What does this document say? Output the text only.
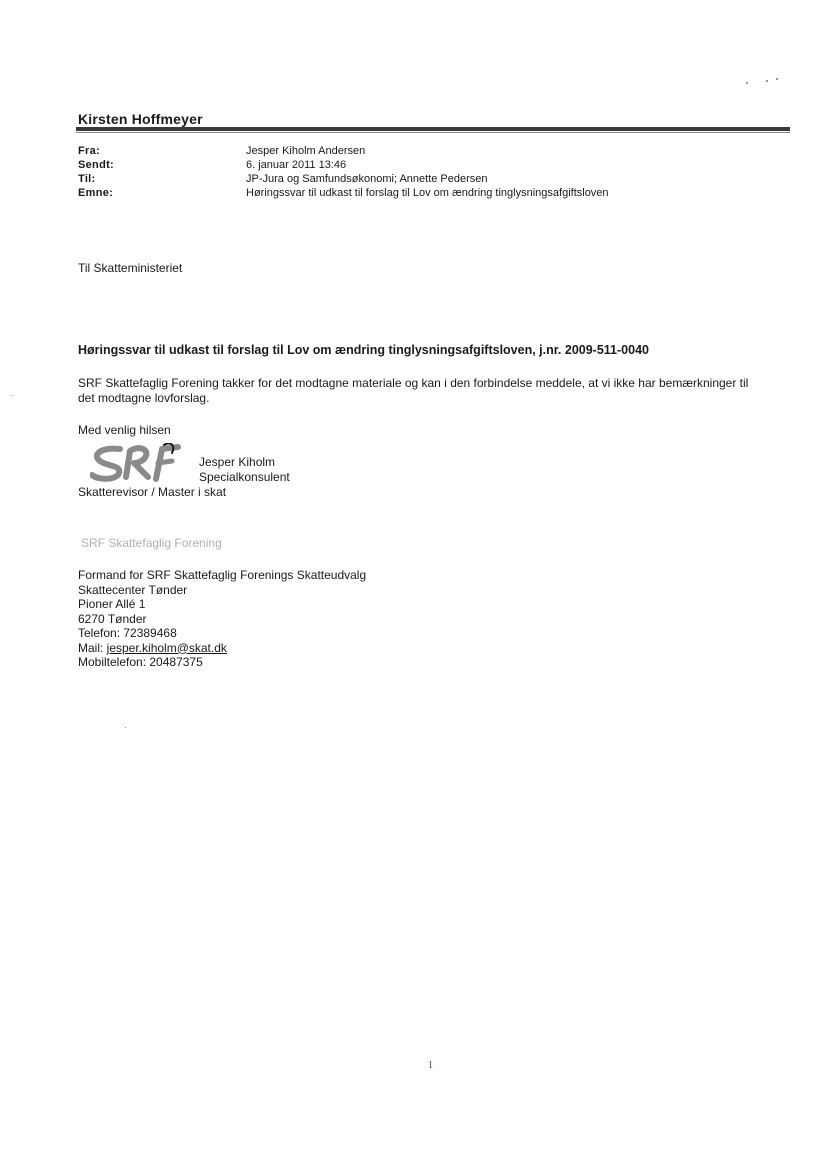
Kirsten Hoffmeyer
Fra:	Jesper Kiholm Andersen
Sendt:	6. januar 2011 13:46
Til:	JP-Jura og Samfundsøkonomi; Annette Pedersen
Emne:	Høringssvar til udkast til forslag til Lov om ændring tinglysningsafgiftsloven
Til Skatteministeriet
Høringssvar til udkast til forslag til Lov om ændring tinglysningsafgiftsloven, j.nr. 2009-511-0040
SRF Skattefaglig Forening takker for det modtagne materiale og kan i den forbindelse meddele, at vi ikke har bemærkninger til det modtagne lovforslag.
Med venlig hilsen
Jesper Kiholm
Specialkonsulent
Skatterevisor / Master i skat
SRF Skattefaglig Forening
Formand for SRF Skattefaglig Forenings Skatteudvalg
Skattecenter Tønder
Pioner Allé 1
6270 Tønder
Telefon: 72389468
Mail: jesper.kiholm@skat.dk
Mobiltelefon: 20487375
1
